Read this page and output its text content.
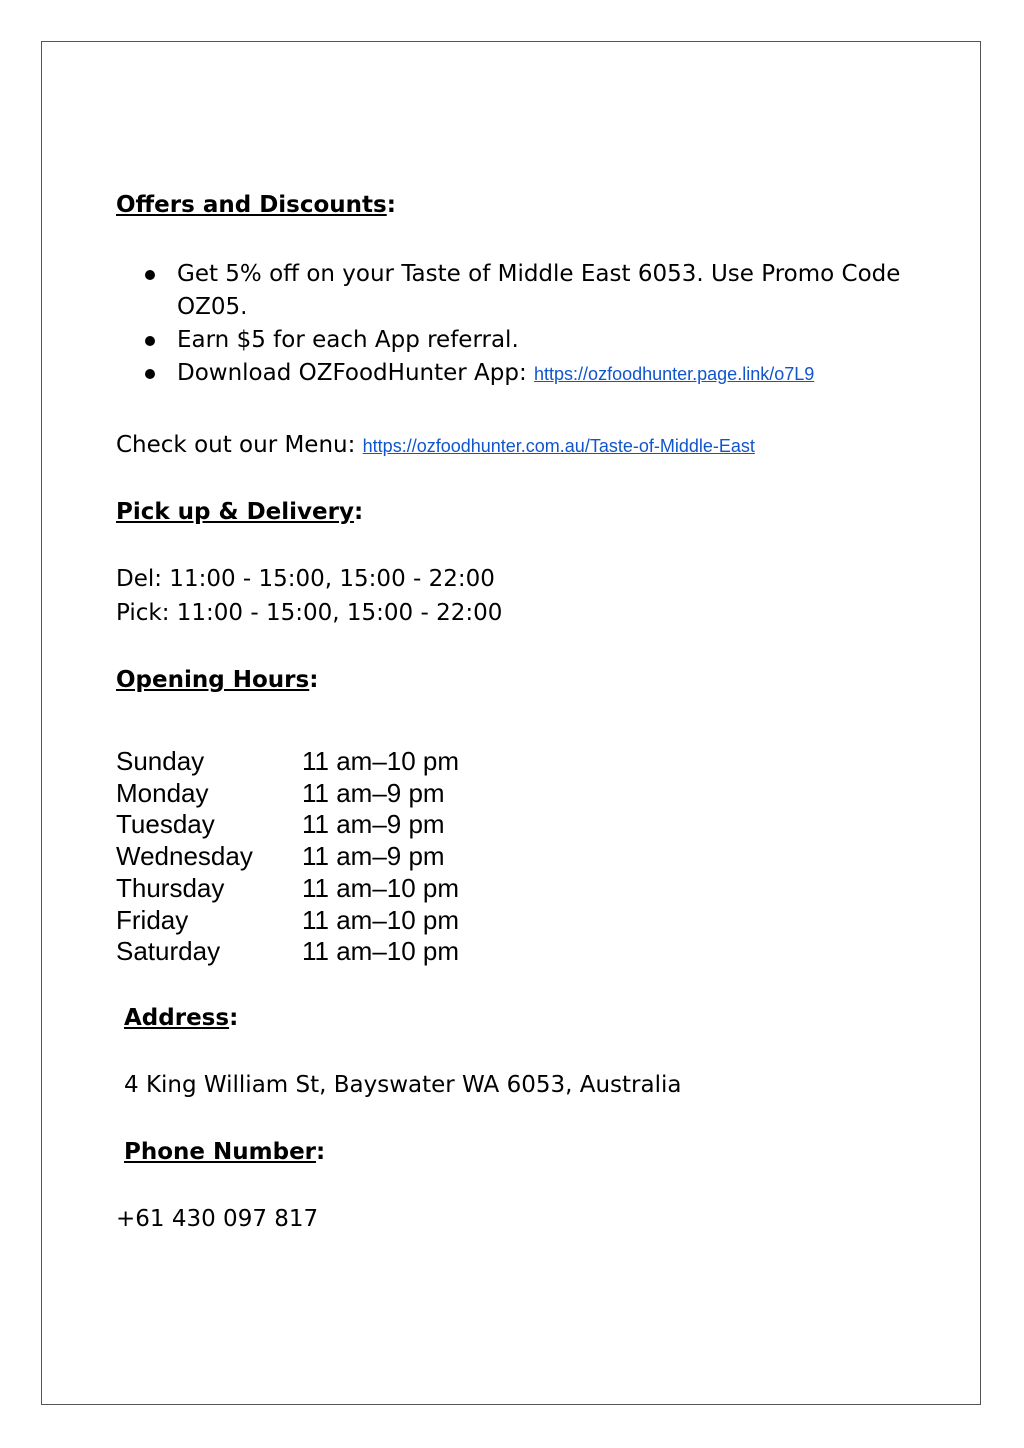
Offers and Discounts:
Get 5% off on your Taste of Middle East 6053. Use Promo Code OZ05.
Earn $5 for each App referral.
Download OZFoodHunter App: https://ozfoodhunter.page.link/o7L9
Check out our Menu: https://ozfoodhunter.com.au/Taste-of-Middle-East
Pick up & Delivery:
Del: 11:00 - 15:00, 15:00 - 22:00
Pick: 11:00 - 15:00, 15:00 - 22:00
Opening Hours:
Sunday	11 am–10 pm
Monday	11 am–9 pm
Tuesday	11 am–9 pm
Wednesday	11 am–9 pm
Thursday	11 am–10 pm
Friday	11 am–10 pm
Saturday	11 am–10 pm
Address:
4 King William St, Bayswater WA 6053, Australia
Phone Number:
+61 430 097 817
